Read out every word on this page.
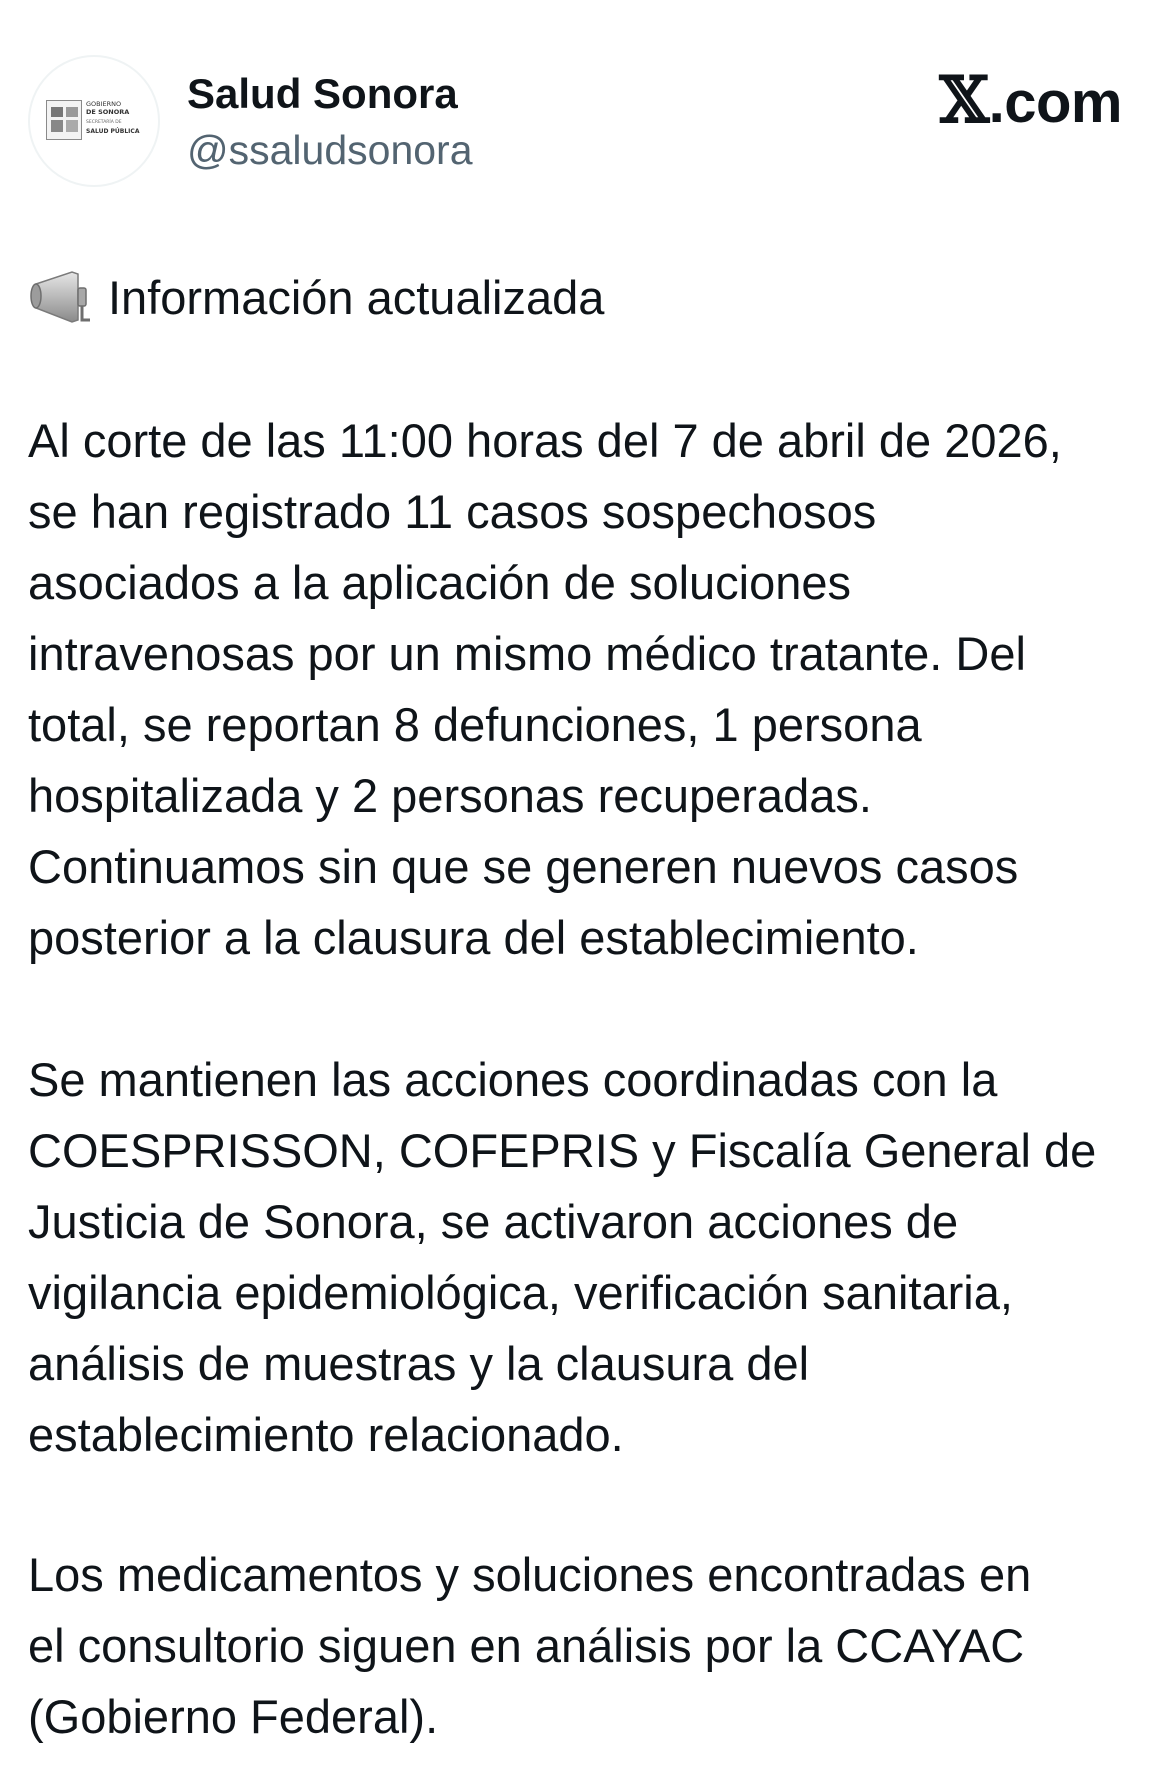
GOBIERNO
DE SONORA
SECRETARÍA DE
SALUD PÚBLICA
Salud Sonora
@ssaludsonora
𝕏.com
Información actualizada

Al corte de las 11:00 horas del 7 de abril de 2026,
se han registrado 11 casos sospechosos
asociados a la aplicación de soluciones
intravenosas por un mismo médico tratante. Del
total, se reportan 8 defunciones, 1 persona
hospitalizada y 2 personas recuperadas.
Continuamos sin que se generen nuevos casos
posterior a la clausura del establecimiento.

Se mantienen las acciones coordinadas con la
COESPRISSON, COFEPRIS y Fiscalía General de
Justicia de Sonora, se activaron acciones de
vigilancia epidemiológica, verificación sanitaria,
análisis de muestras y la clausura del
establecimiento relacionado.

Los medicamentos y soluciones encontradas en
el consultorio siguen en análisis por la CCAYAC
(Gobierno Federal).
